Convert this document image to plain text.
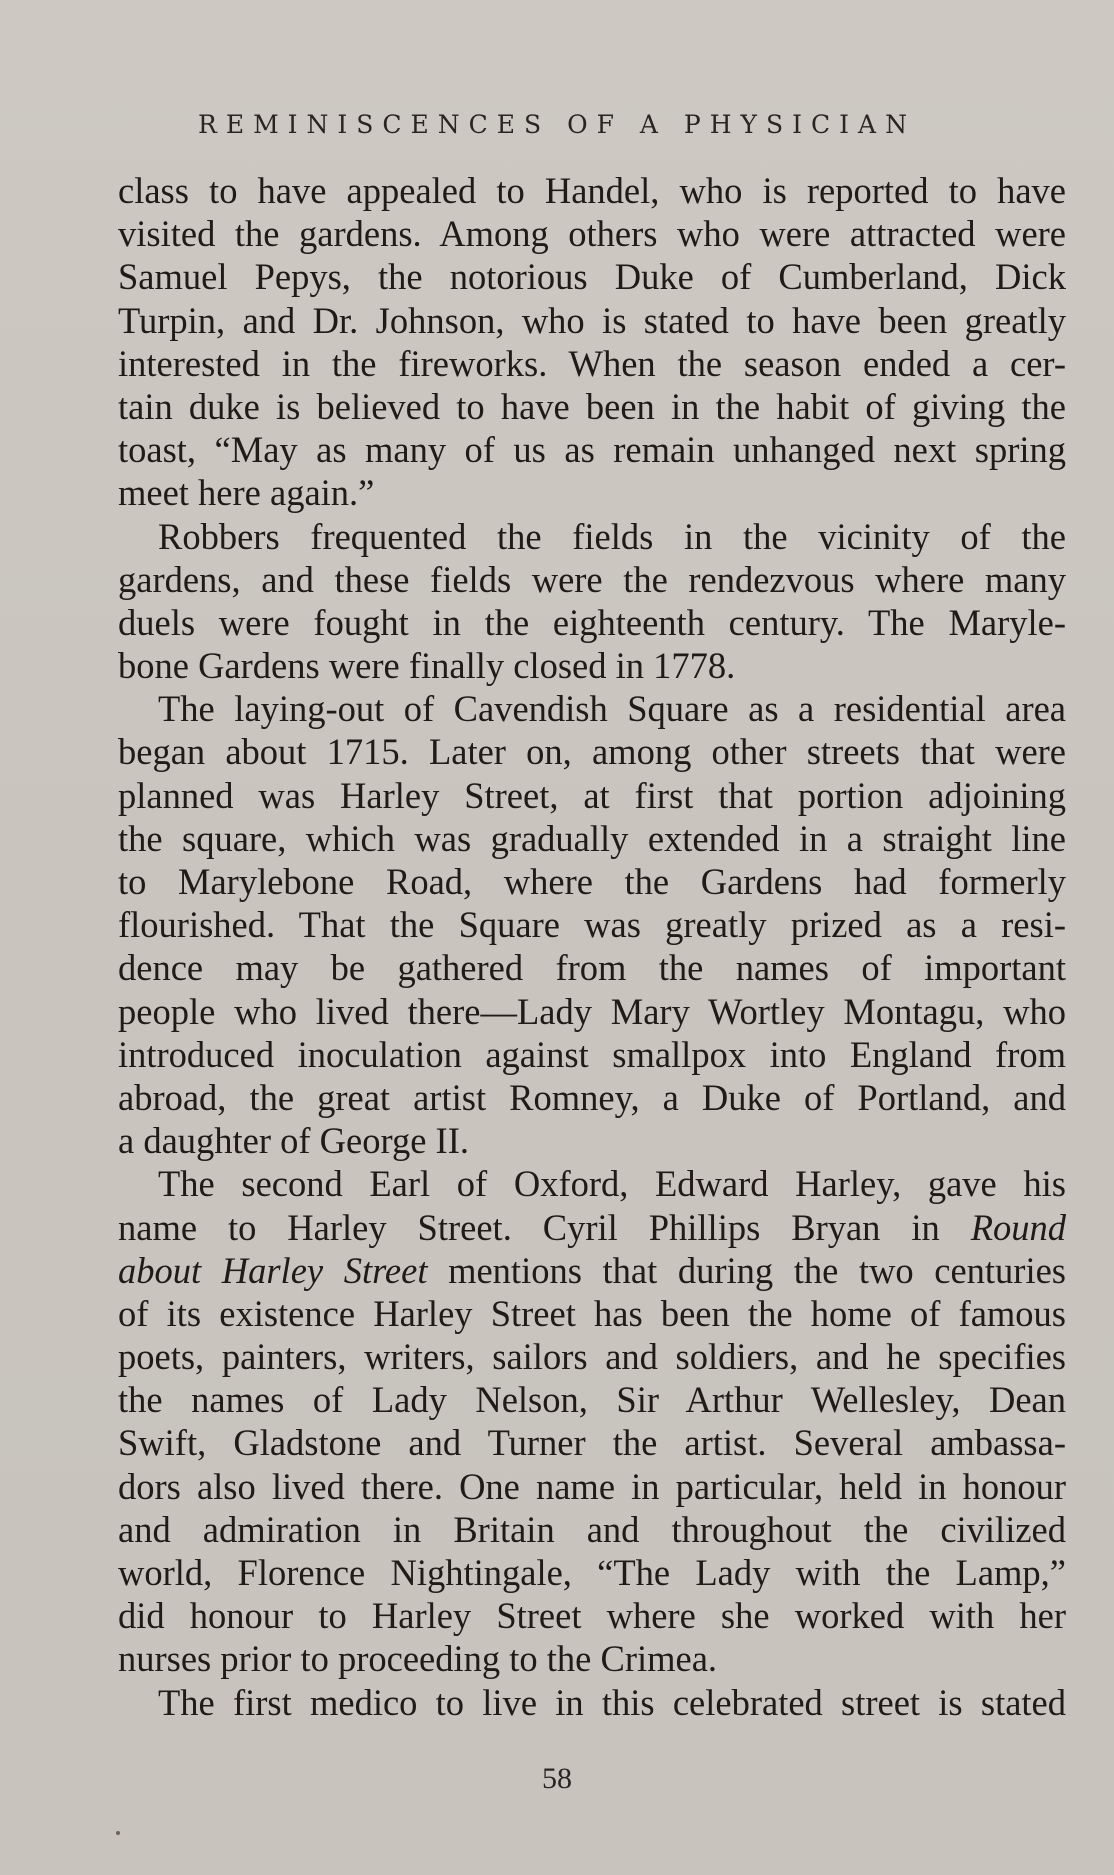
REMINISCENCES OF A PHYSICIAN
class to have appealed to Handel, who is reported to have
visited the gardens. Among others who were attracted were
Samuel Pepys, the notorious Duke of Cumberland, Dick
Turpin, and Dr. Johnson, who is stated to have been greatly
interested in the fireworks. When the season ended a cer-
tain duke is believed to have been in the habit of giving the
toast, “May as many of us as remain unhanged next spring
meet here again.”
Robbers frequented the fields in the vicinity of the
gardens, and these fields were the rendezvous where many
duels were fought in the eighteenth century. The Maryle-
bone Gardens were finally closed in 1778.
The laying-out of Cavendish Square as a residential area
began about 1715. Later on, among other streets that were
planned was Harley Street, at first that portion adjoining
the square, which was gradually extended in a straight line
to Marylebone Road, where the Gardens had formerly
flourished. That the Square was greatly prized as a resi-
dence may be gathered from the names of important
people who lived there—Lady Mary Wortley Montagu, who
introduced inoculation against smallpox into England from
abroad, the great artist Romney, a Duke of Portland, and
a daughter of George II.
The second Earl of Oxford, Edward Harley, gave his
name to Harley Street. Cyril Phillips Bryan in Round
about Harley Street mentions that during the two centuries
of its existence Harley Street has been the home of famous
poets, painters, writers, sailors and soldiers, and he specifies
the names of Lady Nelson, Sir Arthur Wellesley, Dean
Swift, Gladstone and Turner the artist. Several ambassa-
dors also lived there. One name in particular, held in honour
and admiration in Britain and throughout the civilized
world, Florence Nightingale, “The Lady with the Lamp,”
did honour to Harley Street where she worked with her
nurses prior to proceeding to the Crimea.
The first medico to live in this celebrated street is stated
58
